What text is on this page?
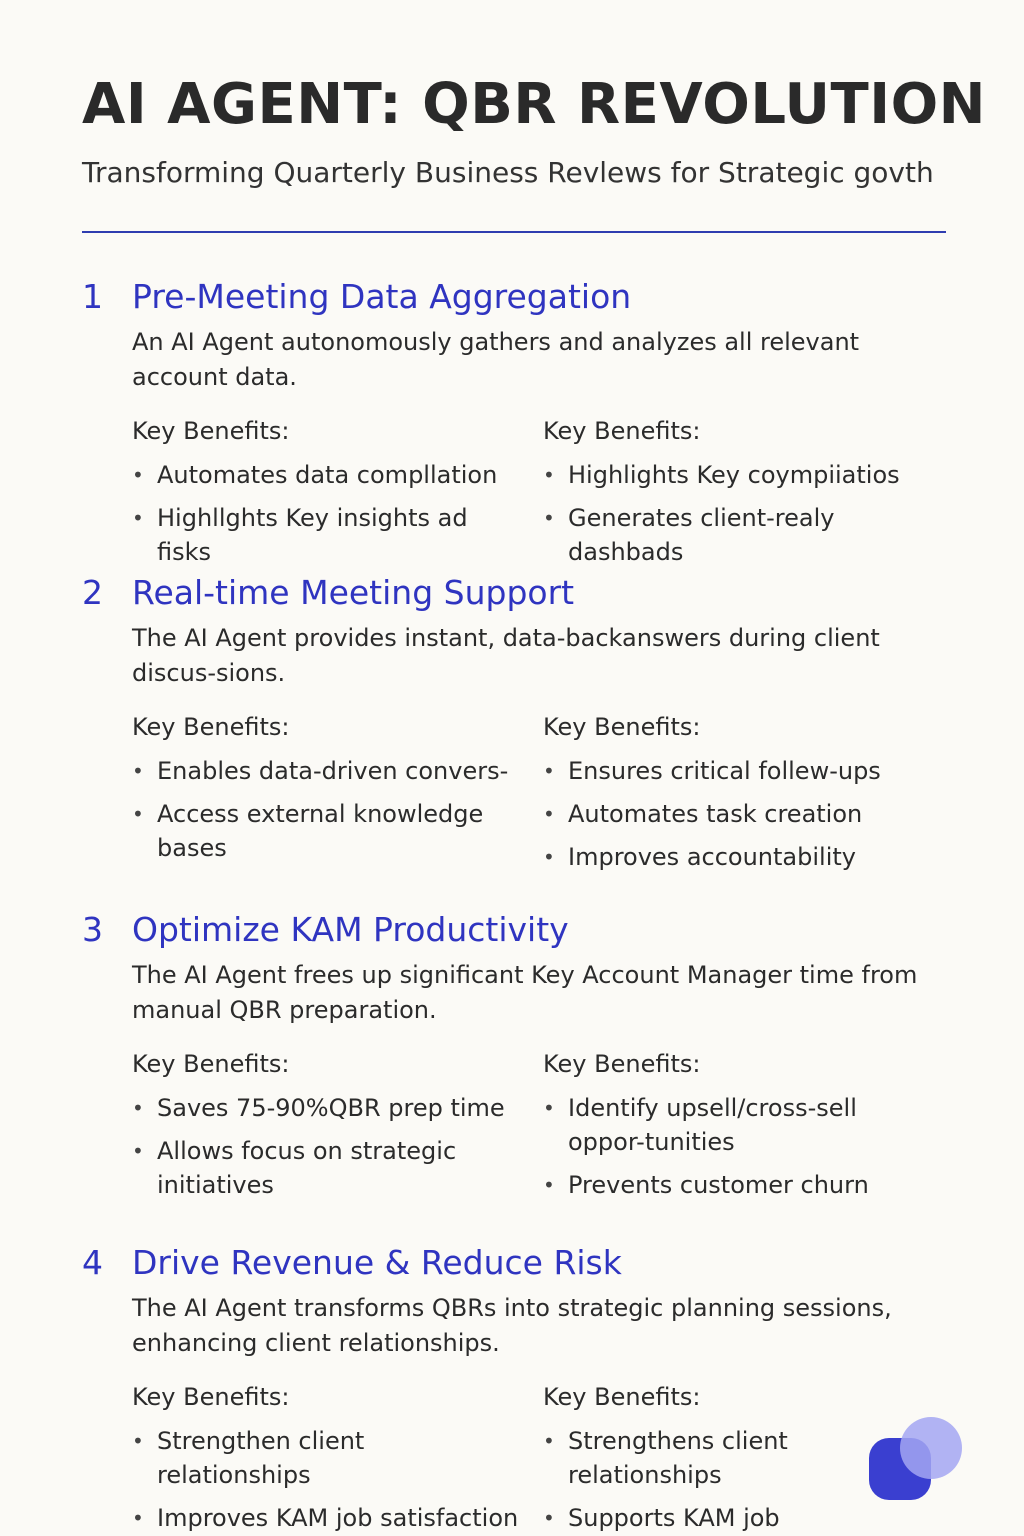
AI AGENT: QBR REVOLUTION
Transforming Quarterly Business Revlews for Strategic govth
1 Pre-Meeting Data Aggregation
An AI Agent autonomously gathers and analyzes all relevant account data.
Key Benefits:
• Automates data compllation
• Highllghts Key insights ad fisks
Key Benefits:
• Highlights Key coympiiatios
• Generates client-realy dashbads
2 Real-time Meeting Support
The AI Agent provides instant, data-backanswers during client discus-sions.
Key Benefits:
• Enables data-driven convers-
• Access external knowledge bases
Key Benefits:
• Ensures critical follew-ups
• Automates task creation
• Improves accountability
3 Optimize KAM Productivity
The AI Agent frees up significant Key Account Manager time from manual QBR preparation.
Key Benefits:
• Saves 75-90%QBR prep time
• Allows focus on strategic initiatives
Key Benefits:
• Identify upsell/cross-sell oppor-tunities
• Prevents customer churn
4 Drive Revenue & Reduce Risk
The AI Agent transforms QBRs into strategic planning sessions, enhancing client relationships.
Key Benefits:
• Strengthen client relationships
• Improves KAM job satisfaction
Key Benefits:
• Strengthens client relationships
• Supports KAM job
